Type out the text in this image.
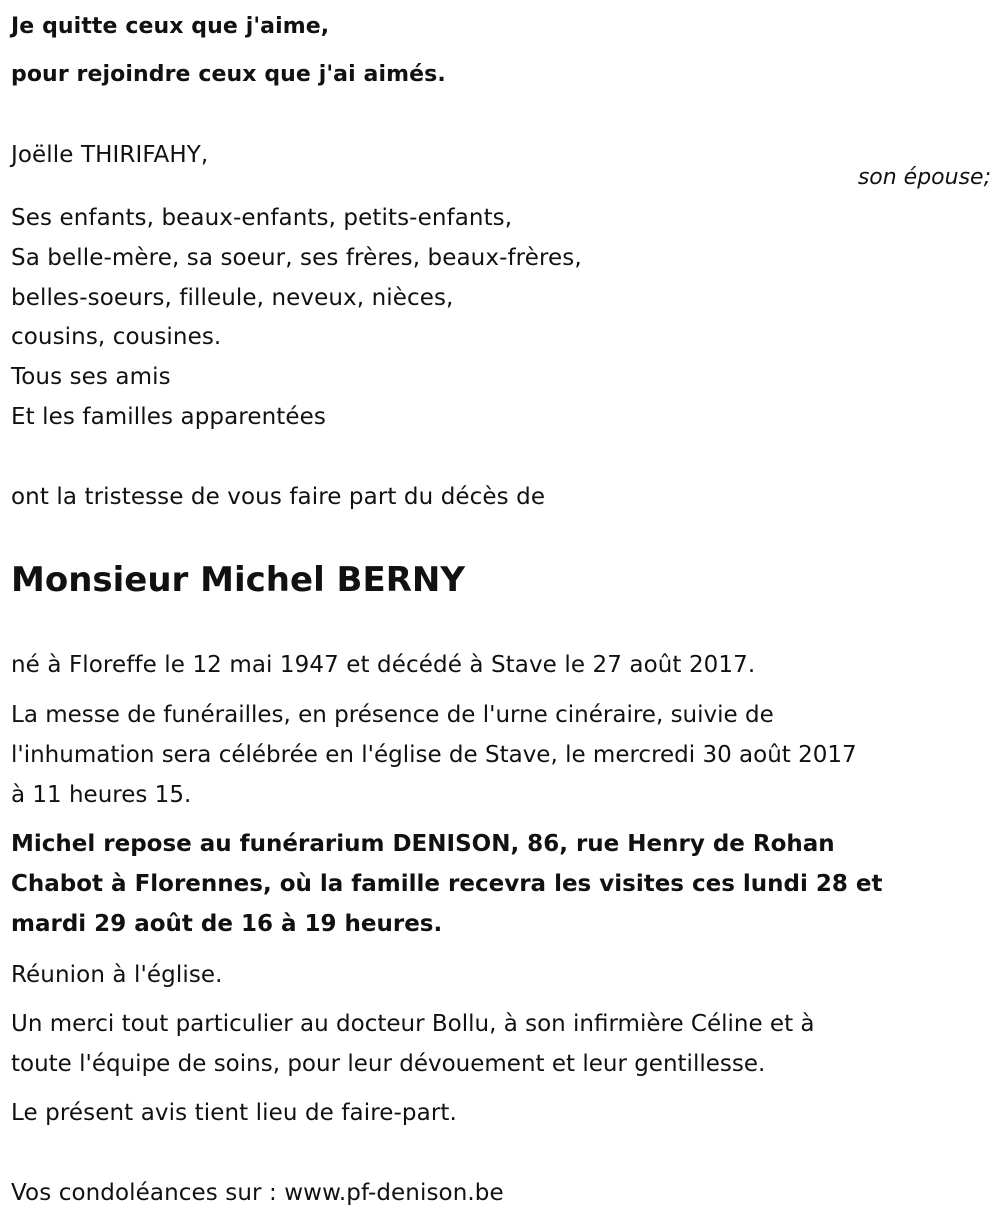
Je quitte ceux que j'aime,

pour rejoindre ceux que j'ai aimés.

Joëlle THIRIFAHY,

son épouse;

Ses enfants, beaux-enfants, petits-enfants,

Sa belle-mère, sa soeur, ses frères, beaux-frères,

belles-soeurs, filleule, neveux, nièces,

cousins, cousines.

Tous ses amis

Et les familles apparentées

ont la tristesse de vous faire part du décès de

Monsieur Michel BERNY

né à Floreffe le 12 mai 1947 et décédé à Stave le 27 août 2017.

La messe de funérailles, en présence de l'urne cinéraire, suivie de
l'inhumation sera célébrée en l'église de Stave, le mercredi 30 août 2017
à 11 heures 15.
Michel repose au funérarium DENISON, 86, rue Henry de Rohan
Chabot à Florennes, où la famille recevra les visites ces lundi 28 et
mardi 29 août de 16 à 19 heures.

Réunion à l'église.

Un merci tout particulier au docteur Bollu, à son infirmière Céline et à
toute l'équipe de soins, pour leur dévouement et leur gentillesse.

Le présent avis tient lieu de faire-part.

Vos condoléances sur : www.pf-denison.be
